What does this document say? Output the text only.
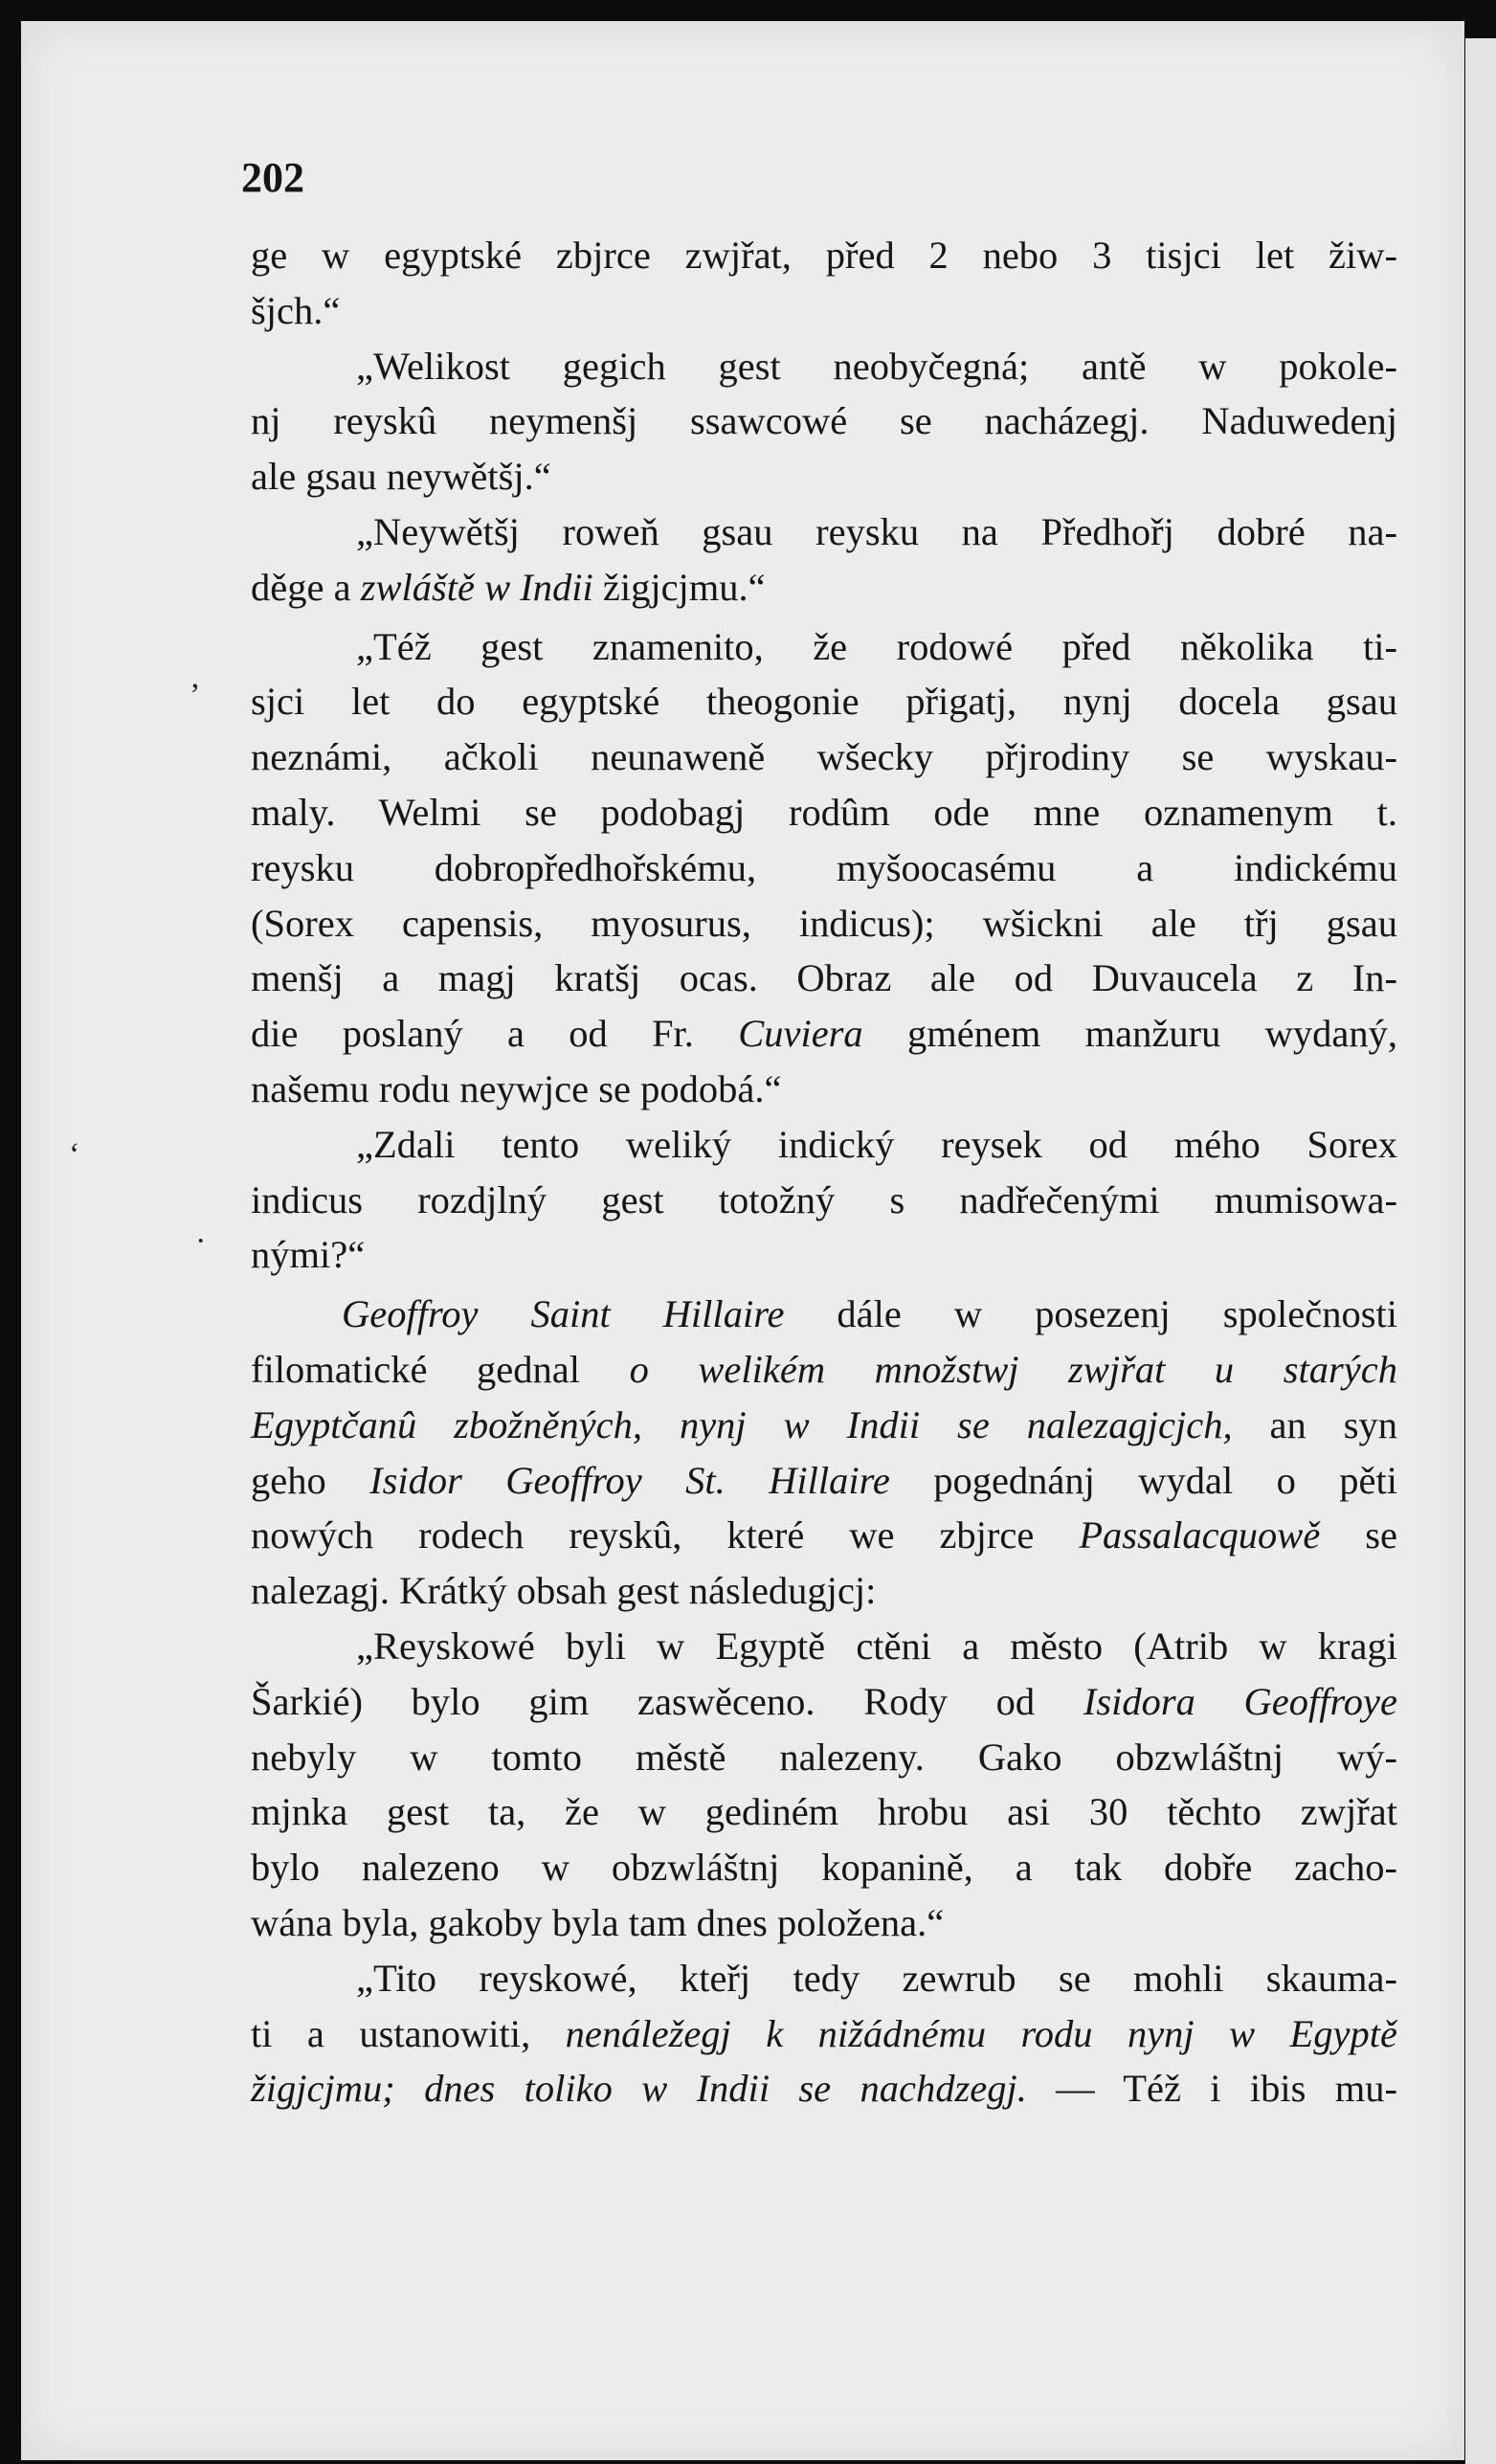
202
ʼ
‘
·
ge w egyptské zbjrce zwjřat, před 2 nebo 3 tisjci let žiw-
šjch.“
„Welikost gegich gest neobyčegná; antě w pokole-
nj reyskû neymenšj ssawcowé se nacházegj. Naduwedenj
ale gsau neywětšj.“
„Neywětšj roweň gsau reysku na Předhořj dobré na-
děge a zwláště w Indii žigjcjmu.“
„Též gest znamenito, že rodowé před několika ti-
sjci let do egyptské theogonie přigatj, nynj docela gsau
neznámi, ačkoli neunaweně wšecky přjrodiny se wyskau-
maly. Welmi se podobagj rodûm ode mne oznamenym t.
reysku dobropředhořskému, myšoocasému a indickému
(Sorex capensis, myosurus, indicus); wšickni ale třj gsau
menšj a magj kratšj ocas. Obraz ale od Duvaucela z In-
die poslaný a od Fr. Cuviera gménem manžuru wydaný,
našemu rodu neywjce se podobá.“
„Zdali tento weliký indický reysek od mého Sorex
indicus rozdjlný gest totožný s nadřečenými mumisowa-
nými?“
Geoffroy Saint Hillaire dále w posezenj společnosti
filomatické gednal o welikém množstwj zwjřat u starých
Egyptčanû zbožněných, nynj w Indii se nalezagjcjch, an syn
geho Isidor Geoffroy St. Hillaire pogednánj wydal o pěti
nowých rodech reyskû, které we zbjrce Passalacquowě se
nalezagj. Krátký obsah gest následugjcj:
„Reyskowé byli w Egyptě ctěni a město (Atrib w kragi
Šarkié) bylo gim zaswěceno. Rody od Isidora Geoffroye
nebyly w tomto městě nalezeny. Gako obzwláštnj wý-
mjnka gest ta, že w gediném hrobu asi 30 těchto zwjřat
bylo nalezeno w obzwláštnj kopanině, a tak dobře zacho-
wána byla, gakoby byla tam dnes položena.“
„Tito reyskowé, kteřj tedy zewrub se mohli skauma-
ti a ustanowiti, nenáležegj k nižádnému rodu nynj w Egyptě
žigjcjmu; dnes toliko w Indii se nachdzegj. — Též i ibis mu-
